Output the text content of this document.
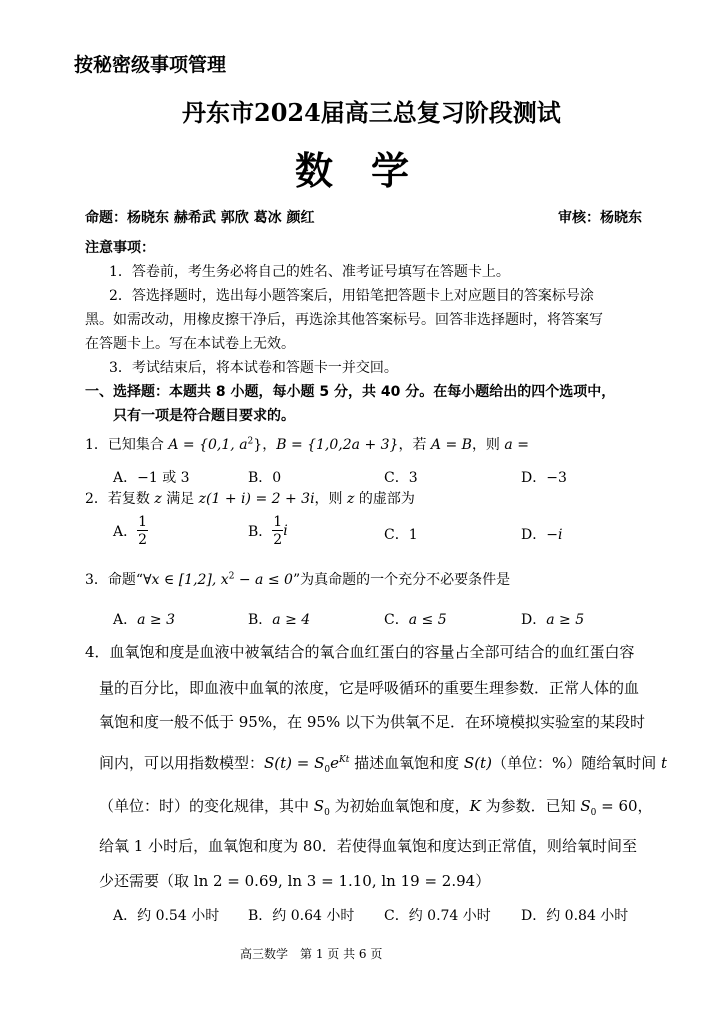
按秘密级事项管理
丹东市2024届高三总复习阶段测试
数　学
命题：杨晓东 赫希武 郭欣 葛冰 颜红	审核：杨晓东
注意事项：
1．答卷前，考生务必将自己的姓名、准考证号填写在答题卡上。
2．答选择题时，选出每小题答案后，用铅笔把答题卡上对应题目的答案标号涂
黑。如需改动，用橡皮擦干净后，再选涂其他答案标号。回答非选择题时，将答案写
在答题卡上。写在本试卷上无效。
3．考试结束后，将本试卷和答题卡一并交回。
一、选择题：本题共 8 小题，每小题 5 分，共 40 分。在每小题给出的四个选项中，
只有一项是符合题目要求的。
1．已知集合 A = {0,1, $a^2$}，B = {1,0,2a + 3}，若 A = B，则 a =
A．−1 或 3	B．0	C．3	D．−3
2．若复数 z 满足 z(1 + i) = 2 + 3i，则 z 的虚部为
A． $\frac{1}{2}$	B． $\frac{1}{2}$ i	C．1	D．−i
3．命题“∀x ∈ [1,2], $x^2 - a \le 0$”为真命题的一个充分不必要条件是
A．a ≥ 3	B．a ≥ 4	C．a ≤ 5	D．a ≥ 5
4．血氧饱和度是血液中被氧结合的氧合血红蛋白的容量占全部可结合的血红蛋白容
量的百分比，即血液中血氧的浓度，它是呼吸循环的重要生理参数．正常人体的血
氧饱和度一般不低于 95%，在 95% 以下为供氧不足．在环境模拟实验室的某段时
间内，可以用指数模型：$S(t) = S_0e^{Kt}$ 描述血氧饱和度 S(t)（单位：%）随给氧时间 t
（单位：时）的变化规律，其中 $S_0$ 为初始血氧饱和度，K 为参数．已知 $S_0 = 60$，
给氧 1 小时后，血氧饱和度为 80．若使得血氧饱和度达到正常值，则给氧时间至
少还需要（取 ln 2 = 0.69, ln 3 = 1.10, ln 19 = 2.94）
A．约 0.54 小时 B．约 0.64 小时 C．约 0.74 小时 D．约 0.84 小时
高三数学　第 1 页 共 6 页
